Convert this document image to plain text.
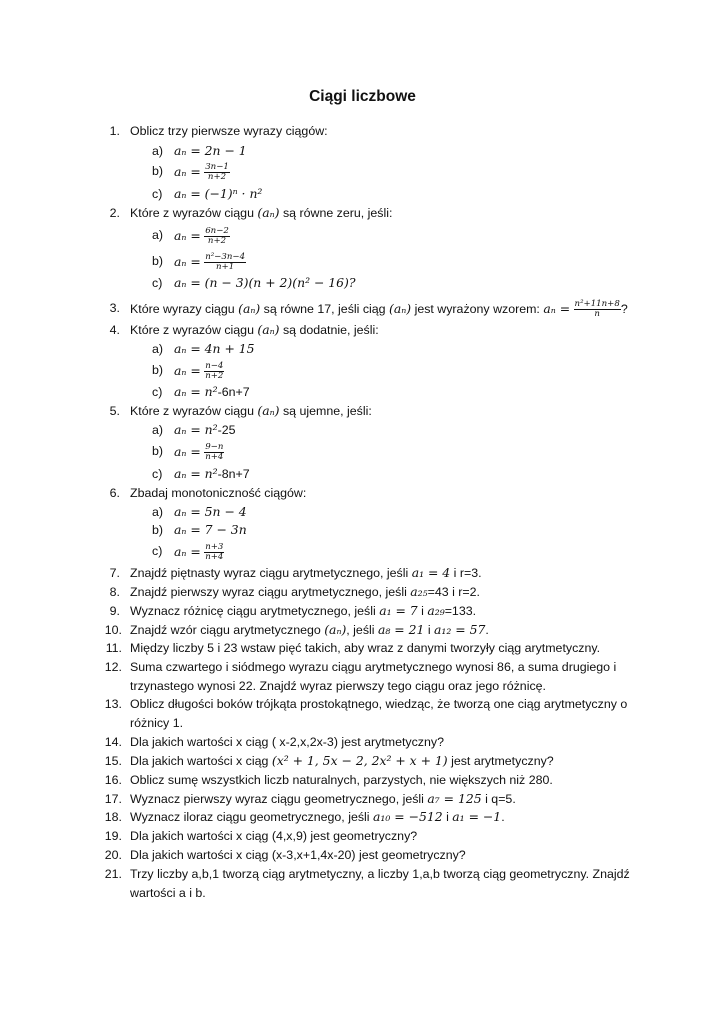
Ciągi liczbowe
1. Oblicz trzy pierwsze wyrazy ciągów:
a) aₙ = 2n − 1
b) $a_n = \frac{3n-1}{n+2}$
c) aₙ = (−1)ⁿ · n²
2. Które z wyrazów ciągu (aₙ) są równe zeru, jeśli:
a) $a_n = \frac{6n-2}{n+2}$
b) $a_n = \frac{\text{n²−3n−4}}{n+1}$
c) aₙ = (n − 3)(n + 2)(n² − 16)?
3. Które wyrazy ciągu (aₙ) są równe 17, jeśli ciąg (aₙ) jest wyrażony wzorem: $a_n = \frac{\text{n²+11n+8}}{n}$ ?
4. Które z wyrazów ciągu (aₙ) są dodatnie, jeśli:
a) aₙ = 4n + 15
b) $a_n = \frac{n-4}{n+2}$
c) aₙ = n²-6n+7
5. Które z wyrazów ciągu (aₙ) są ujemne, jeśli:
a) aₙ = n²-25
b) $a_n = \frac{9-n}{n+4}$
c) aₙ = n²-8n+7
6. Zbadaj monotoniczność ciągów:
a) aₙ = 5n − 4
b) aₙ = 7 − 3n
c) $a_n = \frac{n+3}{n+4}$
7. Znajdź piętnasty wyraz ciągu arytmetycznego, jeśli a₁ = 4 i r=3.
8. Znajdź pierwszy wyraz ciągu arytmetycznego, jeśli a₂₅=43 i r=2.
9. Wyznacz różnicę ciągu arytmetycznego, jeśli a₁ = 7 i a₂₉=133.
10. Znajdź wzór ciągu arytmetycznego (aₙ), jeśli a₈ = 21 i a₁₂ = 57.
11. Między liczby 5 i 23 wstaw pięć takich, aby wraz z danymi tworzyły ciąg arytmetyczny.
12. Suma czwartego i siódmego wyrazu ciągu arytmetycznego wynosi 86, a suma drugiego i
trzynastego wynosi 22. Znajdź wyraz pierwszy tego ciągu oraz jego różnicę.
13. Oblicz długości boków trójkąta prostokątnego, wiedząc, że tworzą one ciąg arytmetyczny o
różnicy 1.
14. Dla jakich wartości x ciąg ( x-2,x,2x-3) jest arytmetyczny?
15. Dla jakich wartości x ciąg (x² + 1, 5x − 2, 2x² + x + 1) jest arytmetyczny?
16. Oblicz sumę wszystkich liczb naturalnych, parzystych, nie większych niż 280.
17. Wyznacz pierwszy wyraz ciągu geometrycznego, jeśli a₇ = 125 i q=5.
18. Wyznacz iloraz ciągu geometrycznego, jeśli a₁₀ = −512 i a₁ = −1.
19. Dla jakich wartości x ciąg (4,x,9) jest geometryczny?
20. Dla jakich wartości x ciąg (x-3,x+1,4x-20) jest geometryczny?
21. Trzy liczby a,b,1 tworzą ciąg arytmetyczny, a liczby 1,a,b tworzą ciąg geometryczny. Znajdź
wartości a i b.
